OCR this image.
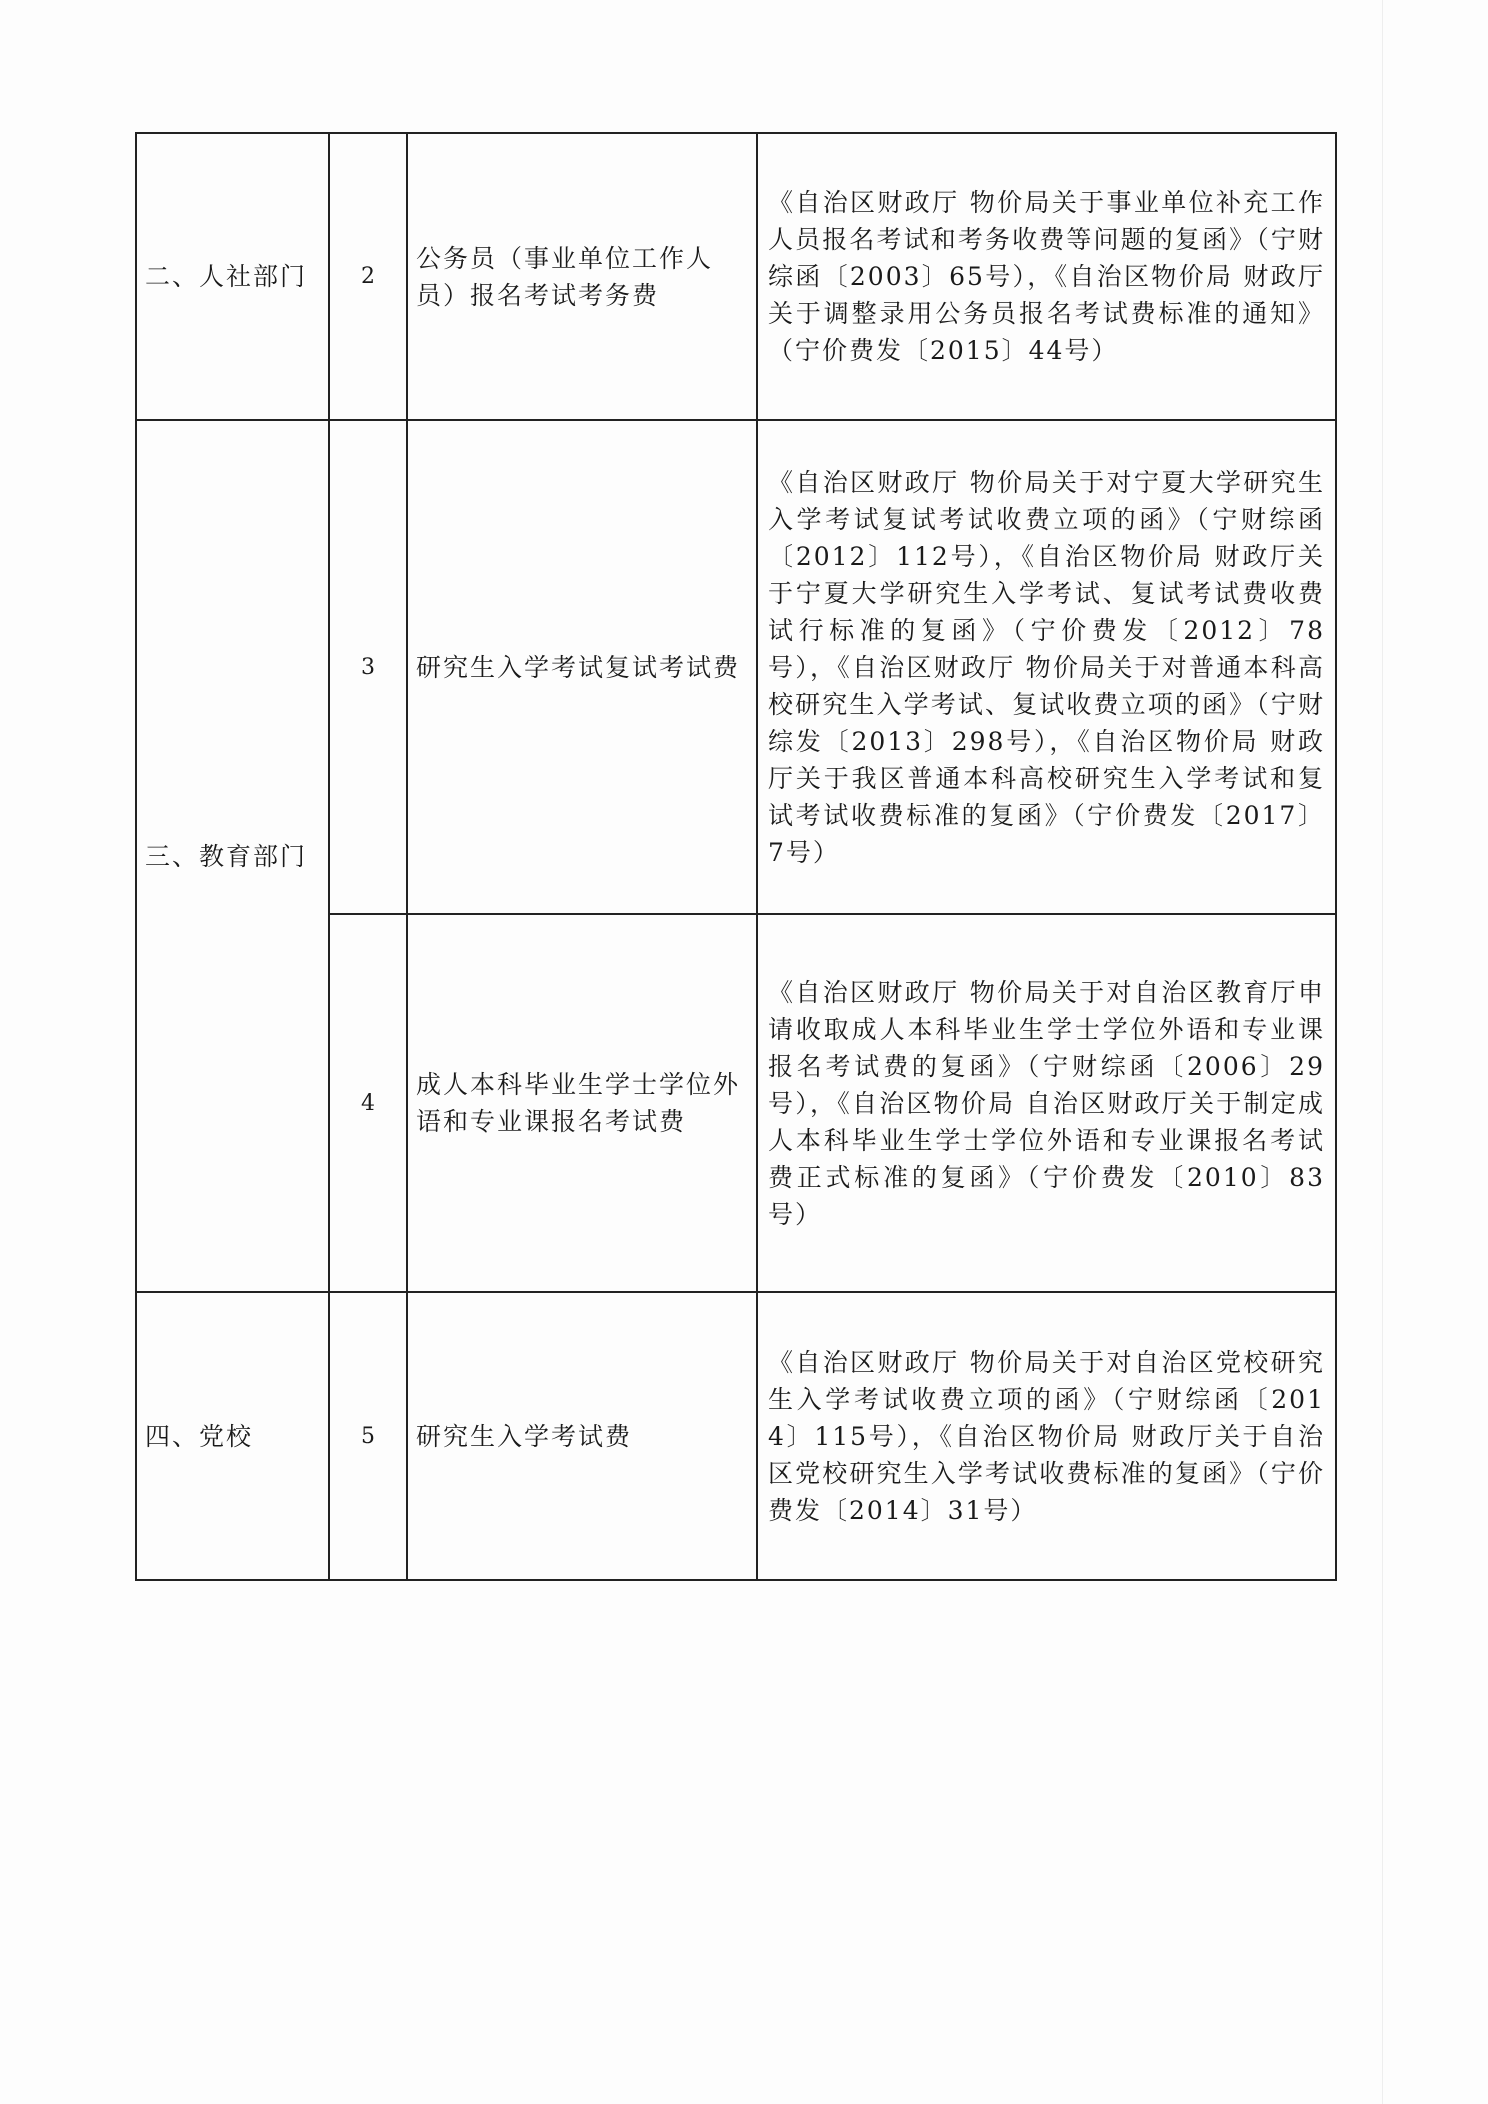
二、人社部门	2	公务员（事业单位工作人员）报名考试考务费	《自治区财政厅 物价局关于事业单位补充工作人员报名考试和考务收费等问题的复函》（宁财综函〔2003〕65号），《自治区物价局 财政厅关于调整录用公务员报名考试费标准的通知》（宁价费发〔2015〕44号）

三、教育部门	3	研究生入学考试复试考试费	《自治区财政厅 物价局关于对宁夏大学研究生入学考试复试考试收费立项的函》（宁财综函〔2012〕112号），《自治区物价局 财政厅关于宁夏大学研究生入学考试、复试考试费收费试行标准的复函》（宁价费发〔2012〕78号），《自治区财政厅 物价局关于对普通本科高校研究生入学考试、复试收费立项的函》（宁财综发〔2013〕298号），《自治区物价局 财政厅关于我区普通本科高校研究生入学考试和复试考试收费标准的复函》（宁价费发〔2017〕7号）

	4	成人本科毕业生学士学位外语和专业课报名考试费	《自治区财政厅 物价局关于对自治区教育厅申请收取成人本科毕业生学士学位外语和专业课报名考试费的复函》（宁财综函〔2006〕29号），《自治区物价局 自治区财政厅关于制定成人本科毕业生学士学位外语和专业课报名考试费正式标准的复函》（宁价费发〔2010〕83号）

四、党校	5	研究生入学考试费	《自治区财政厅 物价局关于对自治区党校研究生入学考试收费立项的函》（宁财综函〔2014〕115号），《自治区物价局 财政厅关于自治区党校研究生入学考试收费标准的复函》（宁价费发〔2014〕31号）
